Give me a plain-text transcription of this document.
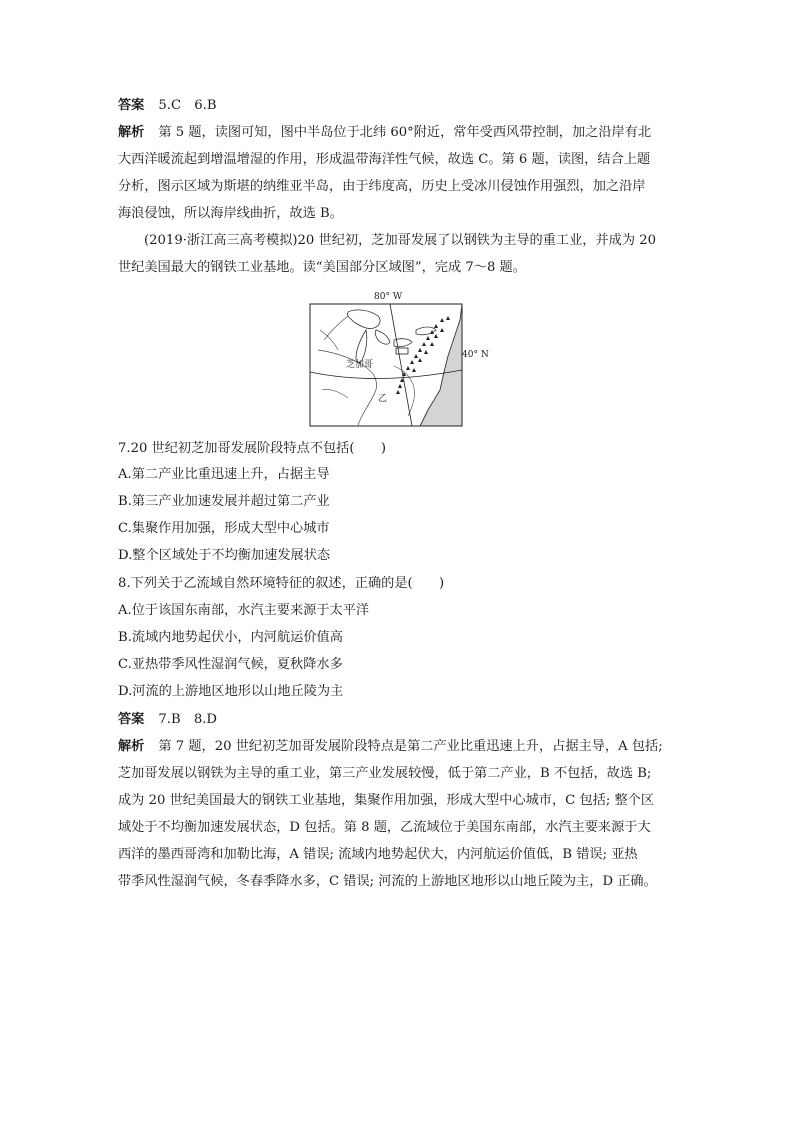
答案 5.C　6.B
解析 第 5 题，读图可知，图中半岛位于北纬 60°附近，常年受西风带控制，加之沿岸有北
大西洋暖流起到增温增湿的作用，形成温带海洋性气候，故选 C。第 6 题，读图，结合上题
分析，图示区域为斯堪的纳维亚半岛，由于纬度高，历史上受冰川侵蚀作用强烈，加之沿岸
海浪侵蚀，所以海岸线曲折，故选 B。
(2019·浙江高三高考模拟)20 世纪初，芝加哥发展了以钢铁为主导的重工业，并成为 20
世纪美国最大的钢铁工业基地。读“美国部分区域图”，完成 7～8 题。
80° W
40° N
芝加哥
乙
7.20 世纪初芝加哥发展阶段特点不包括(　　)
A.第二产业比重迅速上升，占据主导
B.第三产业加速发展并超过第二产业
C.集聚作用加强，形成大型中心城市
D.整个区域处于不均衡加速发展状态
8.下列关于乙流域自然环境特征的叙述，正确的是(　　)
A.位于该国东南部，水汽主要来源于太平洋
B.流域内地势起伏小，内河航运价值高
C.亚热带季风性湿润气候，夏秋降水多
D.河流的上游地区地形以山地丘陵为主
答案 7.B　8.D
解析 第 7 题，20 世纪初芝加哥发展阶段特点是第二产业比重迅速上升，占据主导，A 包括;
芝加哥发展以钢铁为主导的重工业，第三产业发展较慢，低于第二产业，B 不包括，故选 B;
成为 20 世纪美国最大的钢铁工业基地，集聚作用加强，形成大型中心城市，C 包括; 整个区
域处于不均衡加速发展状态，D 包括。第 8 题，乙流域位于美国东南部，水汽主要来源于大
西洋的墨西哥湾和加勒比海，A 错误; 流域内地势起伏大，内河航运价值低，B 错误; 亚热
带季风性湿润气候，冬春季降水多，C 错误; 河流的上游地区地形以山地丘陵为主，D 正确。
